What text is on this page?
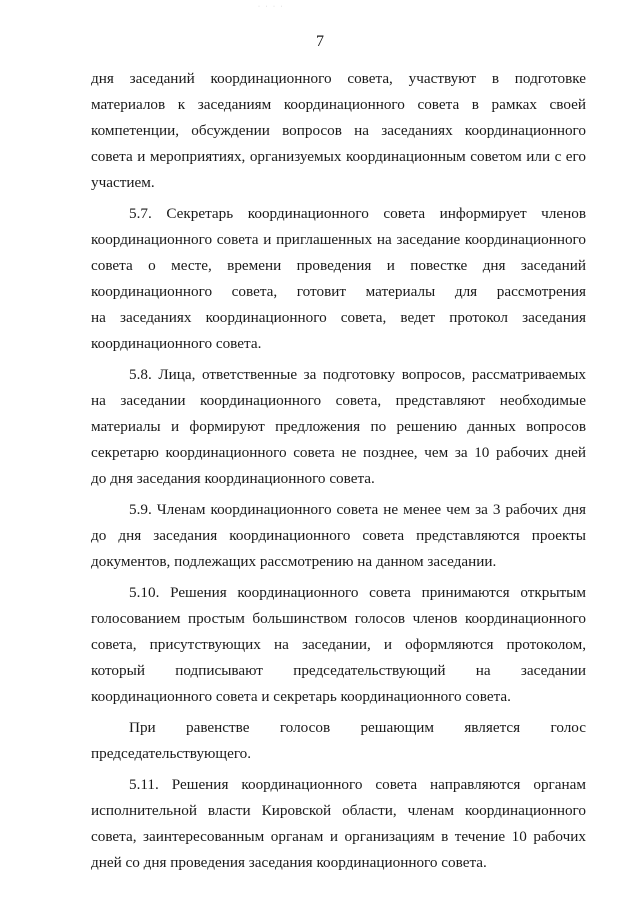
· · · ·
7
дня заседаний координационного совета, участвуют в подготовке
материалов к заседаниям координационного совета в рамках своей
компетенции, обсуждении вопросов на заседаниях координационного
совета и мероприятиях, организуемых координационным советом или с его
участием.
5.7. Секретарь координационного совета информирует членов
координационного совета и приглашенных на заседание координационного
совета о месте, времени проведения и повестке дня заседаний
координационного совета, готовит материалы для рассмотрения
на заседаниях координационного совета, ведет протокол заседания
координационного совета.
5.8. Лица, ответственные за подготовку вопросов, рассматриваемых
на заседании координационного совета, представляют необходимые
материалы и формируют предложения по решению данных вопросов
секретарю координационного совета не позднее, чем за 10 рабочих дней
до дня заседания координационного совета.
5.9. Членам координационного совета не менее чем за 3 рабочих дня
до дня заседания координационного совета представляются проекты
документов, подлежащих рассмотрению на данном заседании.
5.10. Решения координационного совета принимаются открытым
голосованием простым большинством голосов членов координационного
совета, присутствующих на заседании, и оформляются протоколом,
который подписывают председательствующий на заседании
координационного совета и секретарь координационного совета.
При равенстве голосов решающим является голос
председательствующего.
5.11. Решения координационного совета направляются органам
исполнительной власти Кировской области, членам координационного
совета, заинтересованным органам и организациям в течение 10 рабочих
дней со дня проведения заседания координационного совета.
